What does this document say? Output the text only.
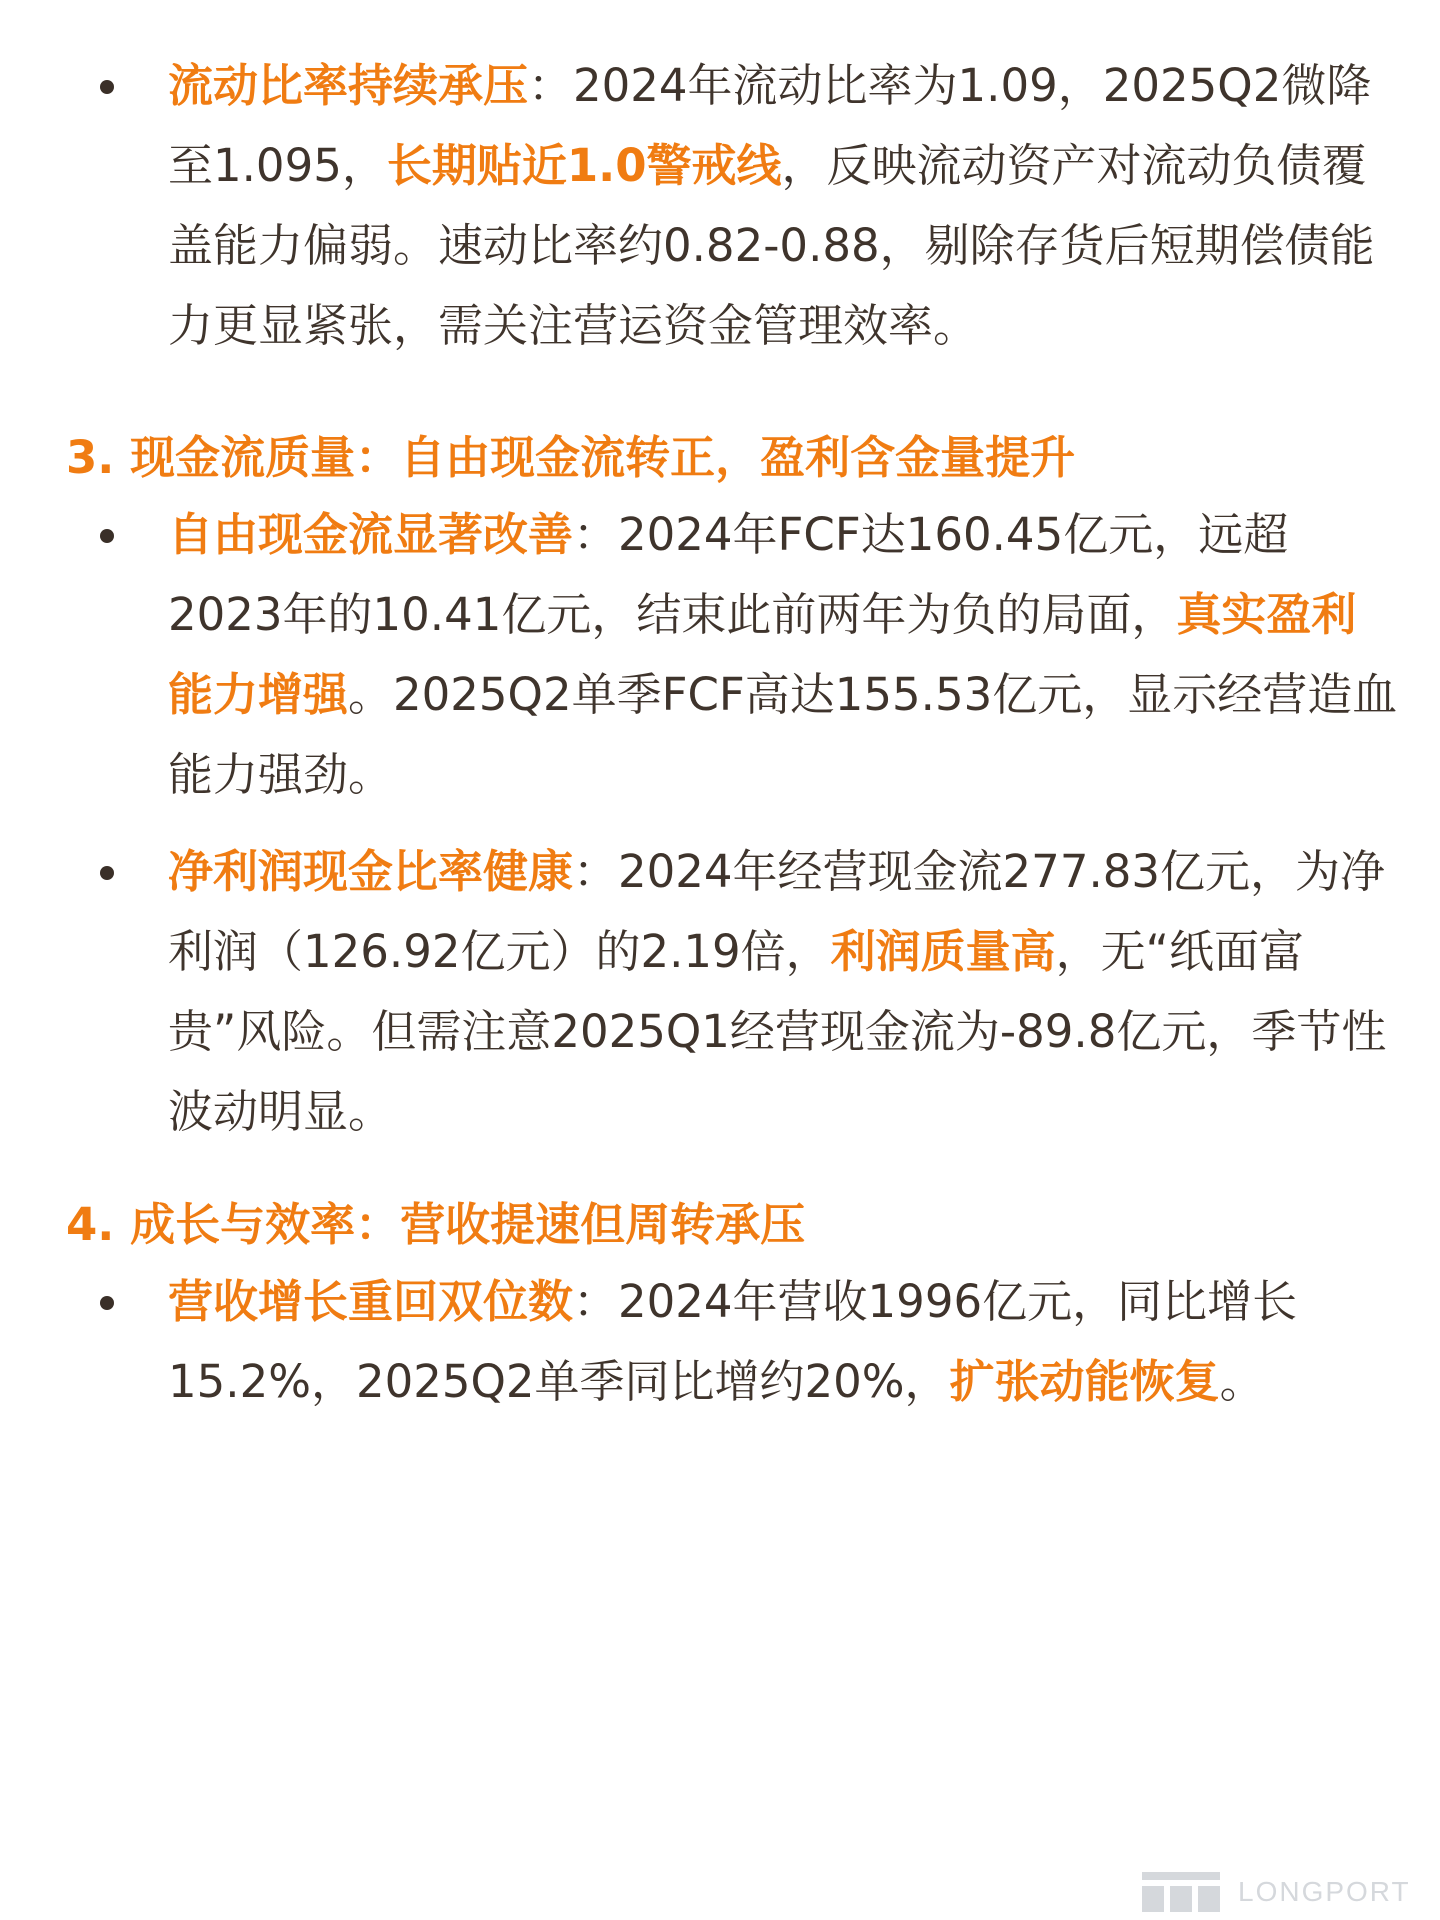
流动比率持续承压：2024年流动比率为1.09，2025Q2微降至1.095，长期贴近1.0警戒线，反映流动资产对流动负债覆盖能力偏弱。速动比率约0.82-0.88，剔除存货后短期偿债能力更显紧张，需关注营运资金管理效率。

3. 现金流质量：自由现金流转正，盈利含金量提升

自由现金流显著改善：2024年FCF达160.45亿元，远超2023年的10.41亿元，结束此前两年为负的局面，真实盈利能力增强。2025Q2单季FCF高达155.53亿元，显示经营造血能力强劲。

净利润现金比率健康：2024年经营现金流277.83亿元，为净利润（126.92亿元）的2.19倍，利润质量高，无“纸面富贵”风险。但需注意2025Q1经营现金流为-89.8亿元，季节性波动明显。

4. 成长与效率：营收提速但周转承压

营收增长重回双位数：2024年营收1996亿元，同比增长15.2%，2025Q2单季同比增约20%，扩张动能恢复。

LONGPORT
